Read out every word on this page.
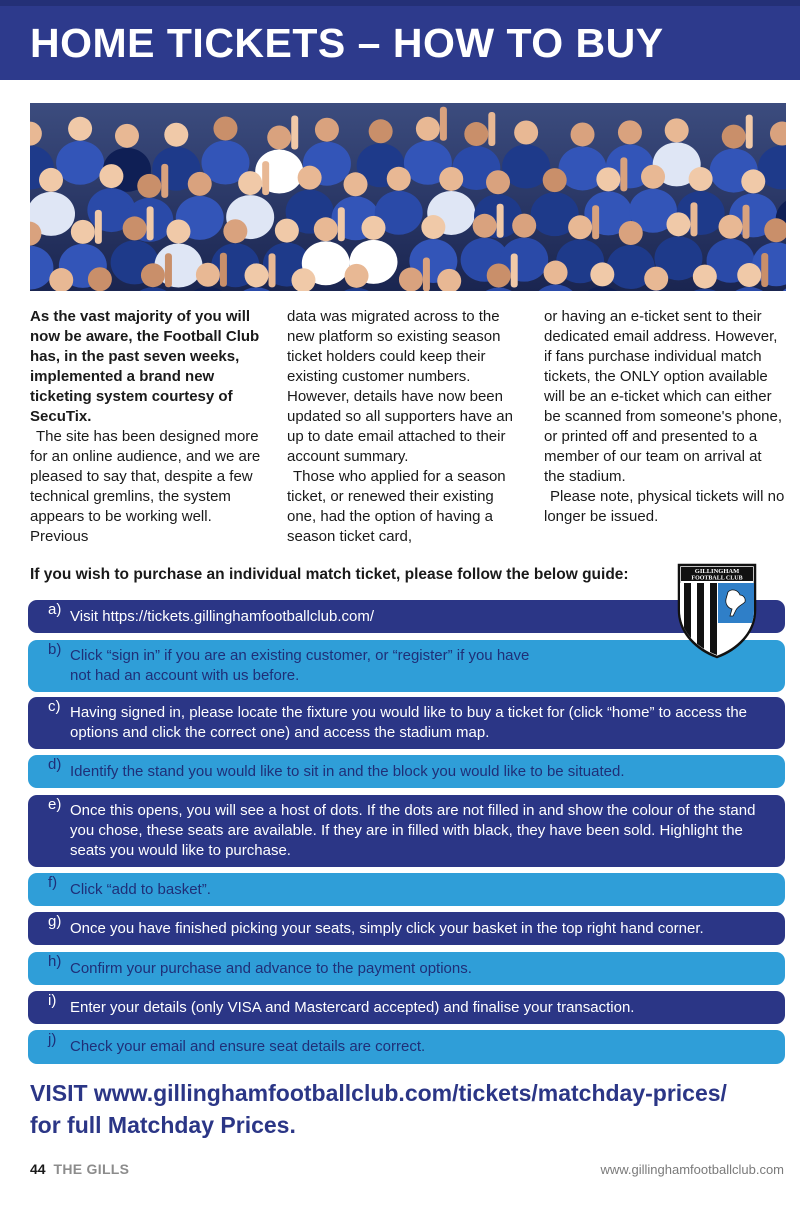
HOME TICKETS – HOW TO BUY

As the vast majority of you will now be aware, the Football Club has, in the past seven weeks, implemented a brand new ticketing system courtesy of SecuTix.

The site has been designed more for an online audience, and we are pleased to say that, despite a few technical gremlins, the system appears to be working well. Previous

data was migrated across to the new platform so existing season ticket holders could keep their existing customer numbers. However, details have now been updated so all supporters have an up to date email attached to their account summary.

Those who applied for a season ticket, or renewed their existing one, had the option of having a season ticket card,

or having an e-ticket sent to their dedicated email address. However, if fans purchase individual match tickets, the ONLY option available will be an e-ticket which can either be scanned from someone's phone, or printed off and presented to a member of our team on arrival at the stadium.

Please note, physical tickets will no longer be issued.

If you wish to purchase an individual match ticket, please follow the below guide:
a) Visit https://tickets.gillinghamfootballclub.com/
b) Click “sign in” if you are an existing customer, or “register” if you have not had an account with us before.
c) Having signed in, please locate the fixture you would like to buy a ticket for (click “home” to access the options and click the correct one) and access the stadium map.
d) Identify the stand you would like to sit in and the block you would like to be situated.
e) Once this opens, you will see a host of dots. If the dots are not filled in and show the colour of the stand you chose, these seats are available. If they are in filled with black, they have been sold. Highlight the seats you would like to purchase.
f) Click “add to basket”.
g) Once you have finished picking your seats, simply click your basket in the top right hand corner.
h) Confirm your purchase and advance to the payment options.
i) Enter your details (only VISA and Mastercard accepted) and finalise your transaction.
j) Check your email and ensure seat details are correct.
GILLINGHAM
FOOTBALL CLUB
VISIT www.gillinghamfootballclub.com/tickets/matchday-prices/
for full Matchday Prices.
44 THE GILLS	www.gillinghamfootballclub.com
